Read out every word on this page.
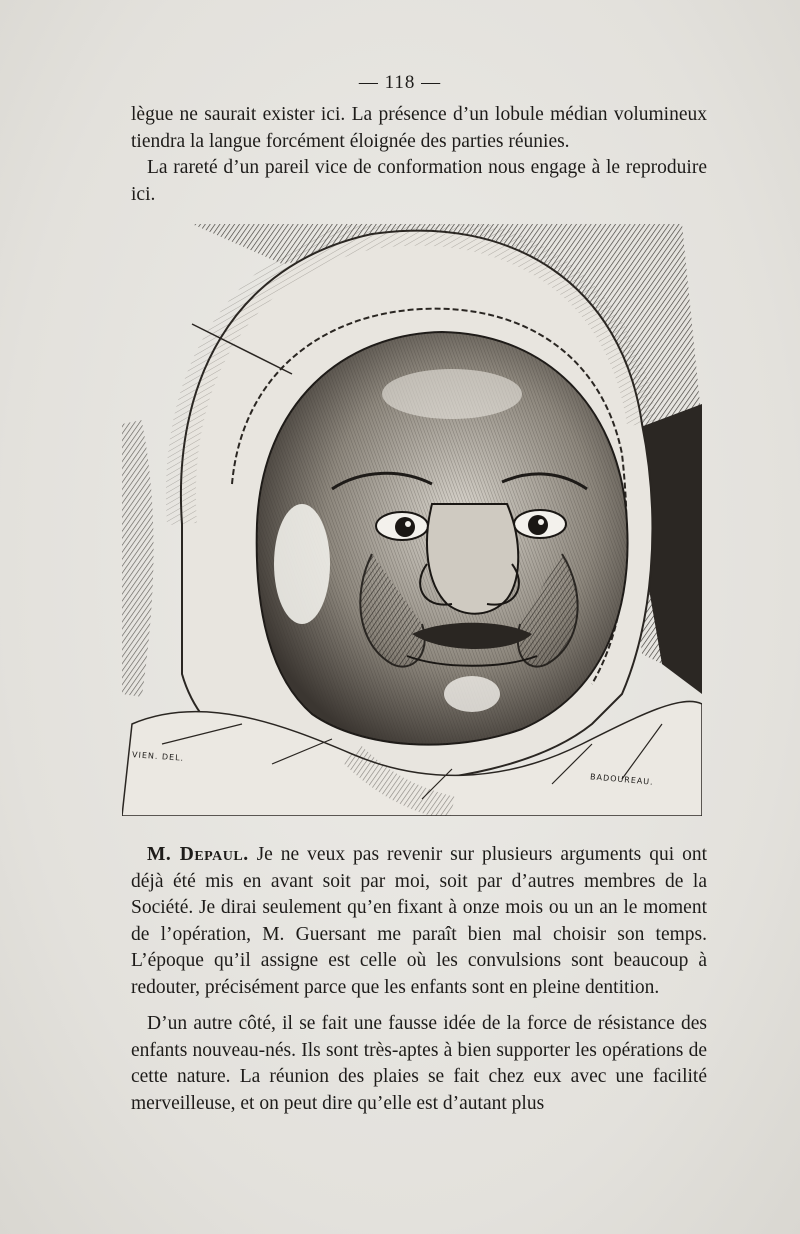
— 118 —

lègue ne saurait exister ici. La présence d’un lobule médian volumineux tiendra la langue forcément éloignée des parties réunies.

La rareté d’un pareil vice de conformation nous engage à le reproduire ici.

VIEN. DEL.
BADOUREAU.

M. Depaul. Je ne veux pas revenir sur plusieurs arguments qui ont déjà été mis en avant soit par moi, soit par d’autres membres de la Société. Je dirai seulement qu’en fixant à onze mois ou un an le moment de l’opération, M. Guersant me paraît bien mal choisir son temps. L’époque qu’il assigne est celle où les convulsions sont beaucoup à redouter, précisément parce que les enfants sont en pleine dentition.

D’un autre côté, il se fait une fausse idée de la force de résistance des enfants nouveau-nés. Ils sont très-aptes à bien supporter les opérations de cette nature. La réunion des plaies se fait chez eux avec une facilité merveilleuse, et on peut dire qu’elle est d’autant plus
